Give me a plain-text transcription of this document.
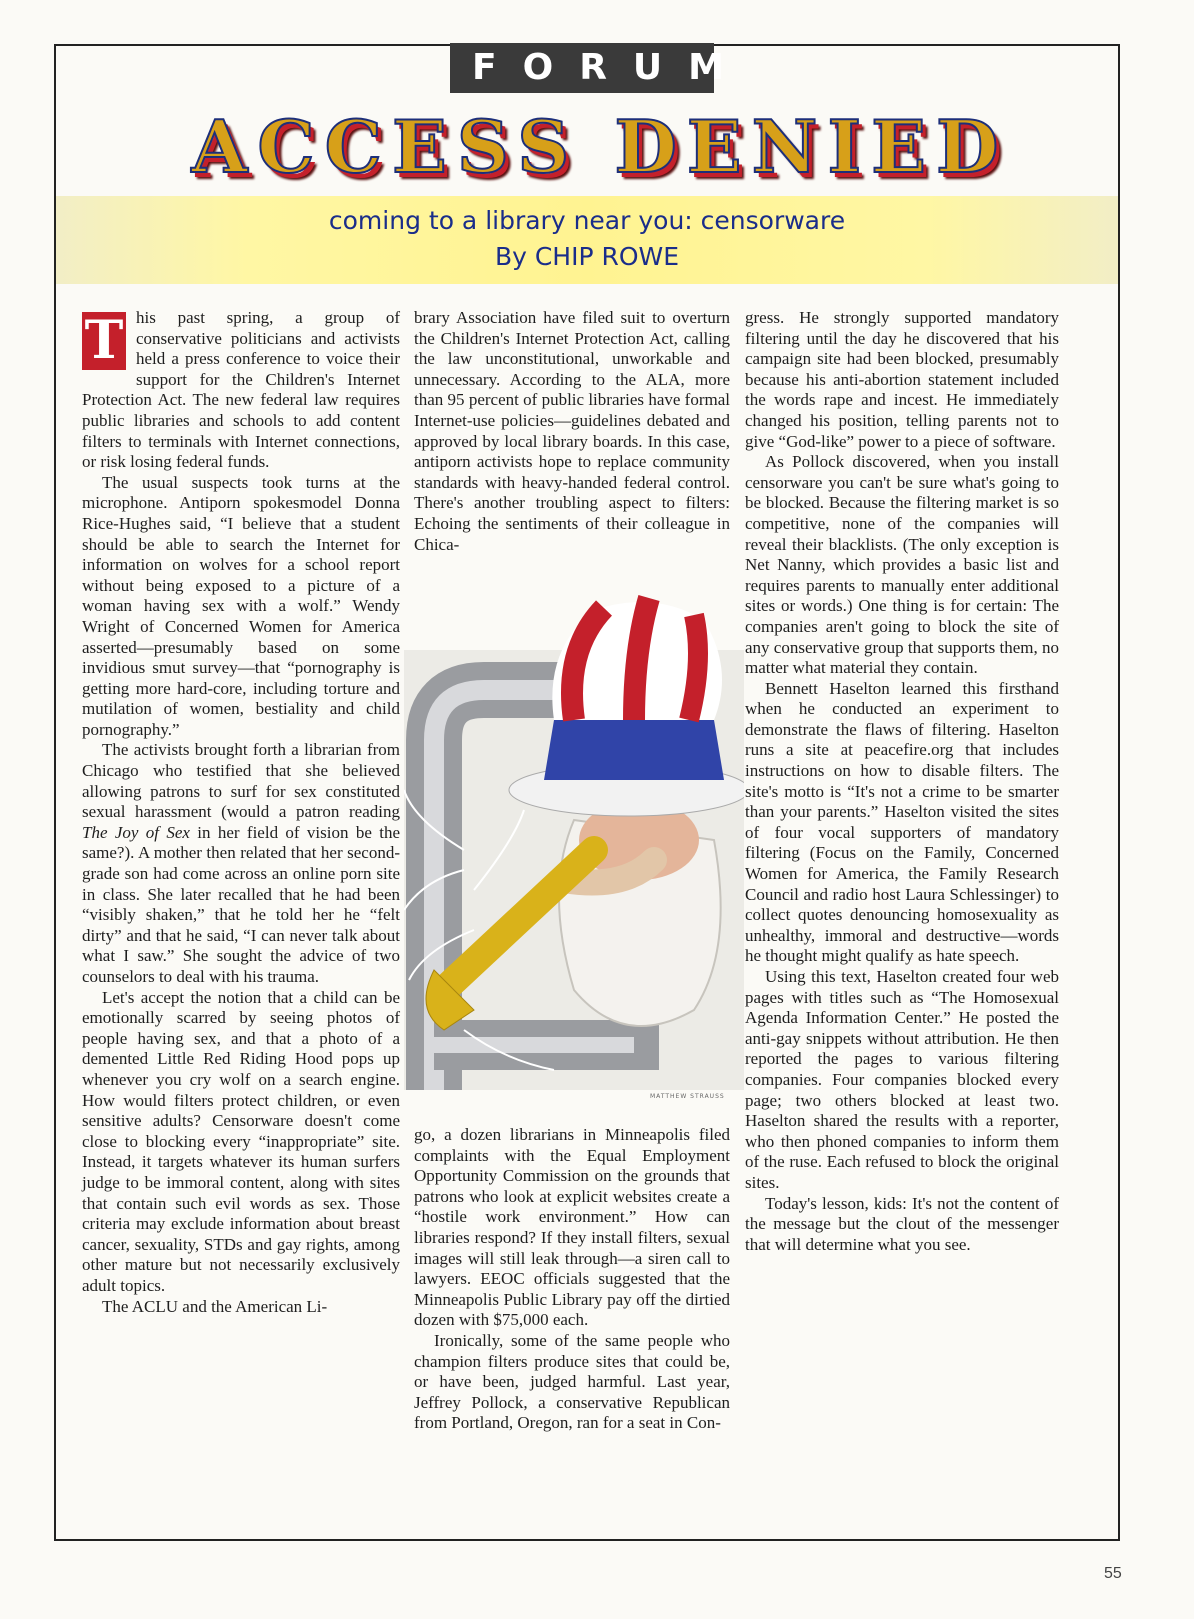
FORUM
ACCESS DENIED
coming to a library near you: censorware
By CHIP ROWE

T his past spring, a group of conservative politicians and activists held a press conference to voice their support for the Children's Internet Protection Act. The new federal law requires public libraries and schools to add content filters to terminals with Internet connections, or risk losing federal funds.

The usual suspects took turns at the microphone. Antiporn spokesmodel Donna Rice-Hughes said, “I believe that a student should be able to search the Internet for information on wolves for a school report without being exposed to a picture of a woman having sex with a wolf.” Wendy Wright of Concerned Women for America asserted—presumably based on some invidious smut survey—that “pornography is getting more hard-core, including torture and mutilation of women, bestiality and child pornography.”

The activists brought forth a librarian from Chicago who testified that she believed allowing patrons to surf for sex constituted sexual harassment (would a patron reading The Joy of Sex in her field of vision be the same?). A mother then related that her second-grade son had come across an online porn site in class. She later recalled that he had been “visibly shaken,” that he told her he “felt dirty” and that he said, “I can never talk about what I saw.” She sought the advice of two counselors to deal with his trauma.

Let's accept the notion that a child can be emotionally scarred by seeing photos of people having sex, and that a photo of a demented Little Red Riding Hood pops up whenever you cry wolf on a search engine. How would filters protect children, or even sensitive adults? Censorware doesn't come close to blocking every “inappropriate” site. Instead, it targets whatever its human surfers judge to be immoral content, along with sites that contain such evil words as sex. Those criteria may exclude information about breast cancer, sexuality, STDs and gay rights, among other mature but not necessarily exclusively adult topics.

The ACLU and the American Li-

brary Association have filed suit to overturn the Children's Internet Protection Act, calling the law unconstitutional, unworkable and unnecessary. According to the ALA, more than 95 percent of public libraries have formal Internet-use policies—guidelines debated and approved by local library boards. In this case, antiporn activists hope to replace community standards with heavy-handed federal control. There's another troubling aspect to filters: Echoing the sentiments of their colleague in Chica-

MATTHEW STRAUSS

go, a dozen librarians in Minneapolis filed complaints with the Equal Employment Opportunity Commission on the grounds that patrons who look at explicit websites create a “hostile work environment.” How can libraries respond? If they install filters, sexual images will still leak through—a siren call to lawyers. EEOC officials suggested that the Minneapolis Public Library pay off the dirtied dozen with $75,000 each.

Ironically, some of the same people who champion filters produce sites that could be, or have been, judged harmful. Last year, Jeffrey Pollock, a conservative Republican from Portland, Oregon, ran for a seat in Con-

gress. He strongly supported mandatory filtering until the day he discovered that his campaign site had been blocked, presumably because his anti-abortion statement included the words rape and incest. He immediately changed his position, telling parents not to give “God-like” power to a piece of software.

As Pollock discovered, when you install censorware you can't be sure what's going to be blocked. Because the filtering market is so competitive, none of the companies will reveal their blacklists. (The only exception is Net Nanny, which provides a basic list and requires parents to manually enter additional sites or words.) One thing is for certain: The companies aren't going to block the site of any conservative group that supports them, no matter what material they contain.

Bennett Haselton learned this firsthand when he conducted an experiment to demonstrate the flaws of filtering. Haselton runs a site at peacefire.org that includes instructions on how to disable filters. The site's motto is “It's not a crime to be smarter than your parents.” Haselton visited the sites of four vocal supporters of mandatory filtering (Focus on the Family, Concerned Women for America, the Family Research Council and radio host Laura Schlessinger) to collect quotes denouncing homosexuality as unhealthy, immoral and destructive—words he thought might qualify as hate speech.

Using this text, Haselton created four web pages with titles such as “The Homosexual Agenda Information Center.” He posted the anti-gay snippets without attribution. He then reported the pages to various filtering companies. Four companies blocked every page; two others blocked at least two. Haselton shared the results with a reporter, who then phoned companies to inform them of the ruse. Each refused to block the original sites.

Today's lesson, kids: It's not the content of the message but the clout of the messenger that will determine what you see.

55
